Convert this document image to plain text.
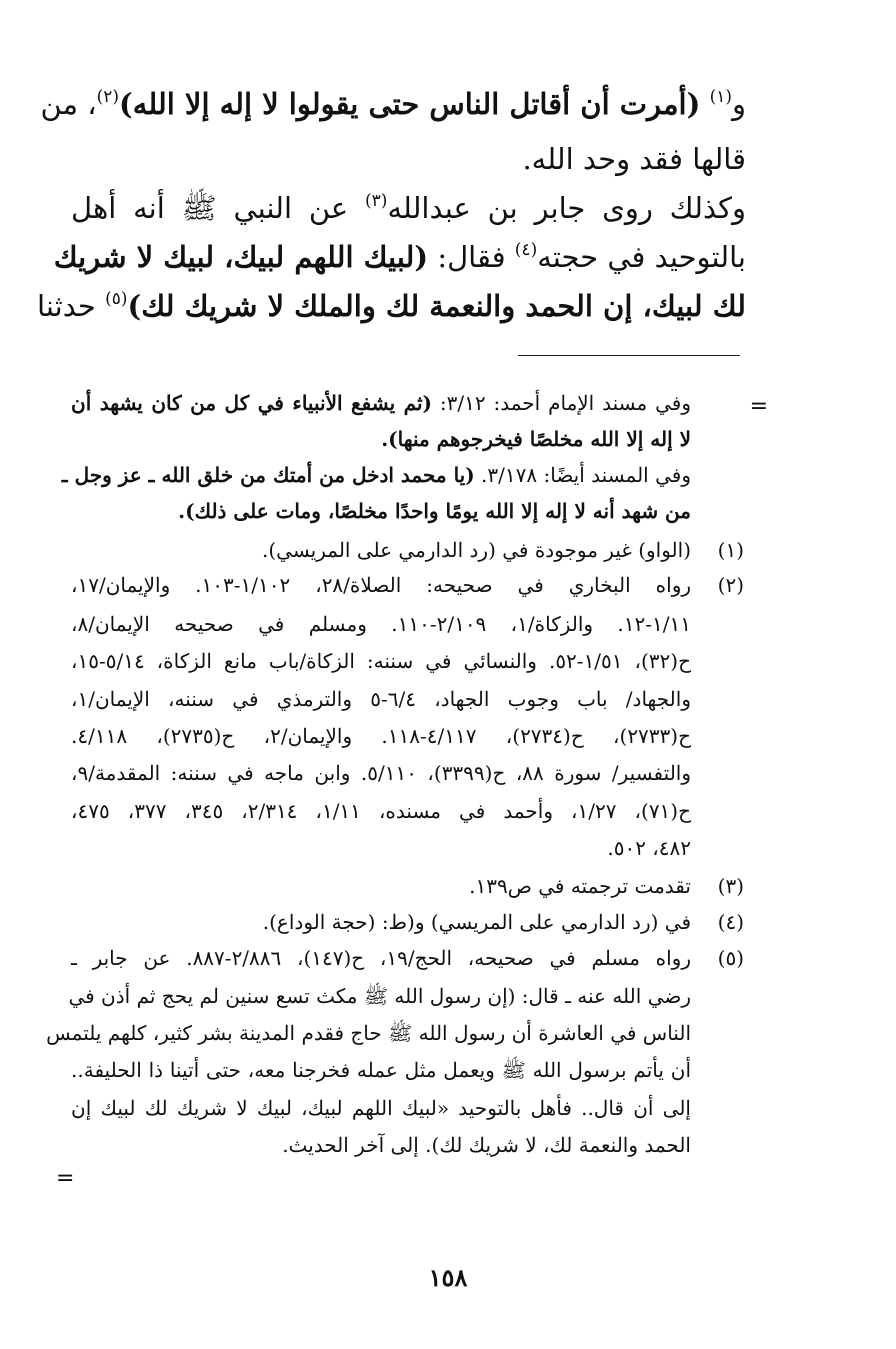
و$^{(١)}$ (أمرت أن أقاتل الناس حتى يقولوا لا إله إلا الله)$^{(٢)}$، من
قالها فقد وحد الله.
وكذلك روى جابر بن عبدالله$^{(٣)}$ عن النبي ﷺ أنه أهل
بالتوحيد في حجته$^{(٤)}$ فقال: (لبيك اللهم لبيك، لبيك لا شريك
لك لبيك، إن الحمد والنعمة لك والملك لا شريك لك)$^{(٥)}$ حدثنا
=
وفي مسند الإمام أحمد: ٣/١٢: (ثم يشفع الأنبياء في كل من كان يشهد أن
لا إله إلا الله مخلصًا فيخرجوهم منها).
وفي المسند أيضًا: ٣/١٧٨. (يا محمد ادخل من أمتك من خلق الله ـ عز وجل ـ
من شهد أنه لا إله إلا الله يومًا واحدًا مخلصًا، ومات على ذلك).
(١)
(الواو) غير موجودة في (رد الدارمي على المريسي).
(٢)
رواه البخاري في صحيحه: الصلاة/٢٨، ١/١٠٢-١٠٣. والإيمان/١٧،
١/١١-١٢. والزكاة/١، ٢/١٠٩-١١٠. ومسلم في صحيحه الإيمان/٨،
ح(٣٢)، ١/٥١-٥٢. والنسائي في سننه: الزكاة/باب مانع الزكاة، ٥/١٤-١٥،
والجهاد/ باب وجوب الجهاد، ٦/٤-٥ والترمذي في سننه، الإيمان/١،
ح(٢٧٣٣)، ح(٢٧٣٤)، ٤/١١٧-١١٨. والإيمان/٢، ح(٢٧٣٥)، ٤/١١٨.
والتفسير/ سورة ٨٨، ح(٣٣٩٩)، ٥/١١٠. وابن ماجه في سننه: المقدمة/٩،
ح(٧١)، ١/٢٧، وأحمد في مسنده، ١/١١، ٢/٣١٤، ٣٤٥، ٣٧٧، ٤٧٥،
٤٨٢، ٥٠٢.
(٣)
تقدمت ترجمته في ص١٣٩.
(٤)
في (رد الدارمي على المريسي) و(ط: (حجة الوداع).
(٥)
رواه مسلم في صحيحه، الحج/١٩، ح(١٤٧)، ٢/٨٨٦-٨٨٧. عن جابر ـ
رضي الله عنه ـ قال: (إن رسول الله ﷺ مكث تسع سنين لم يحج ثم أذن في
الناس في العاشرة أن رسول الله ﷺ حاج فقدم المدينة بشر كثير، كلهم يلتمس
أن يأتم برسول الله ﷺ ويعمل مثل عمله فخرجنا معه، حتى أتينا ذا الحليفة..
إلى أن قال.. فأهل بالتوحيد «لبيك اللهم لبيك، لبيك لا شريك لك لبيك إن
الحمد والنعمة لك، لا شريك لك). إلى آخر الحديث.
=
١٥٨
